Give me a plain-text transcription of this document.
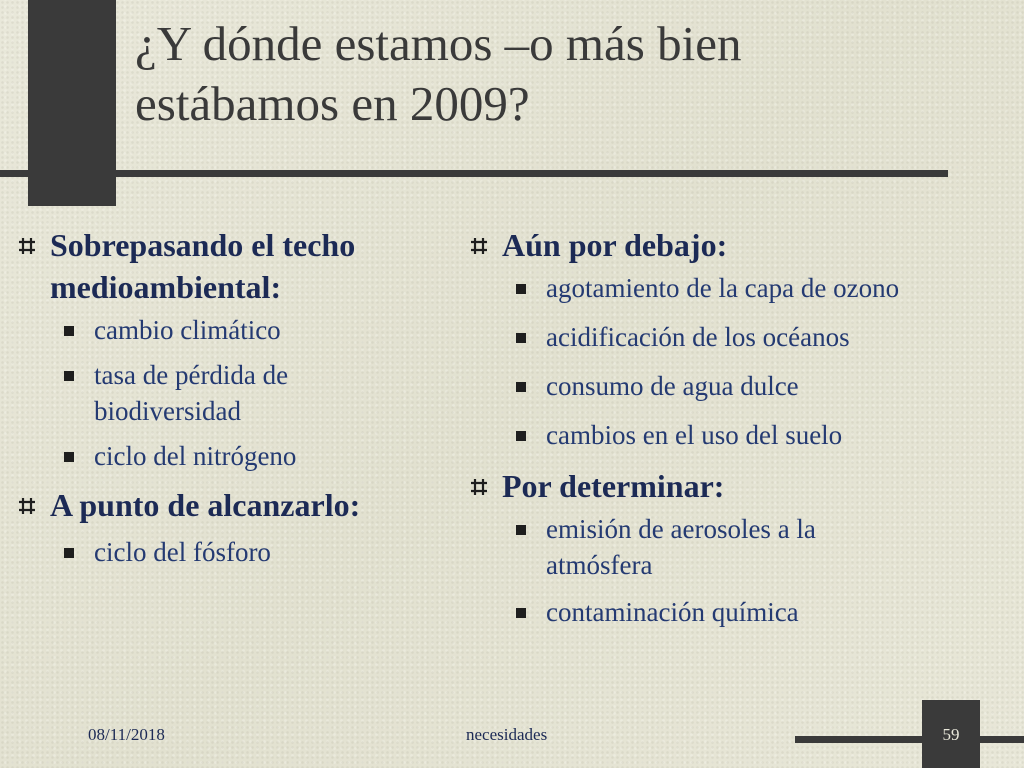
¿Y dónde estamos –o más bien
estábamos en 2009?
Sobrepasando el techo
medioambiental:
cambio climático
tasa de pérdida de
biodiversidad
ciclo del nitrógeno
A punto de alcanzarlo:
ciclo del fósforo
Aún por debajo:
agotamiento de la capa de ozono
acidificación de los océanos
consumo de agua dulce
cambios en el uso del suelo
Por determinar:
emisión de aerosoles a la
atmósfera
contaminación química
08/11/2018	necesidades	59
